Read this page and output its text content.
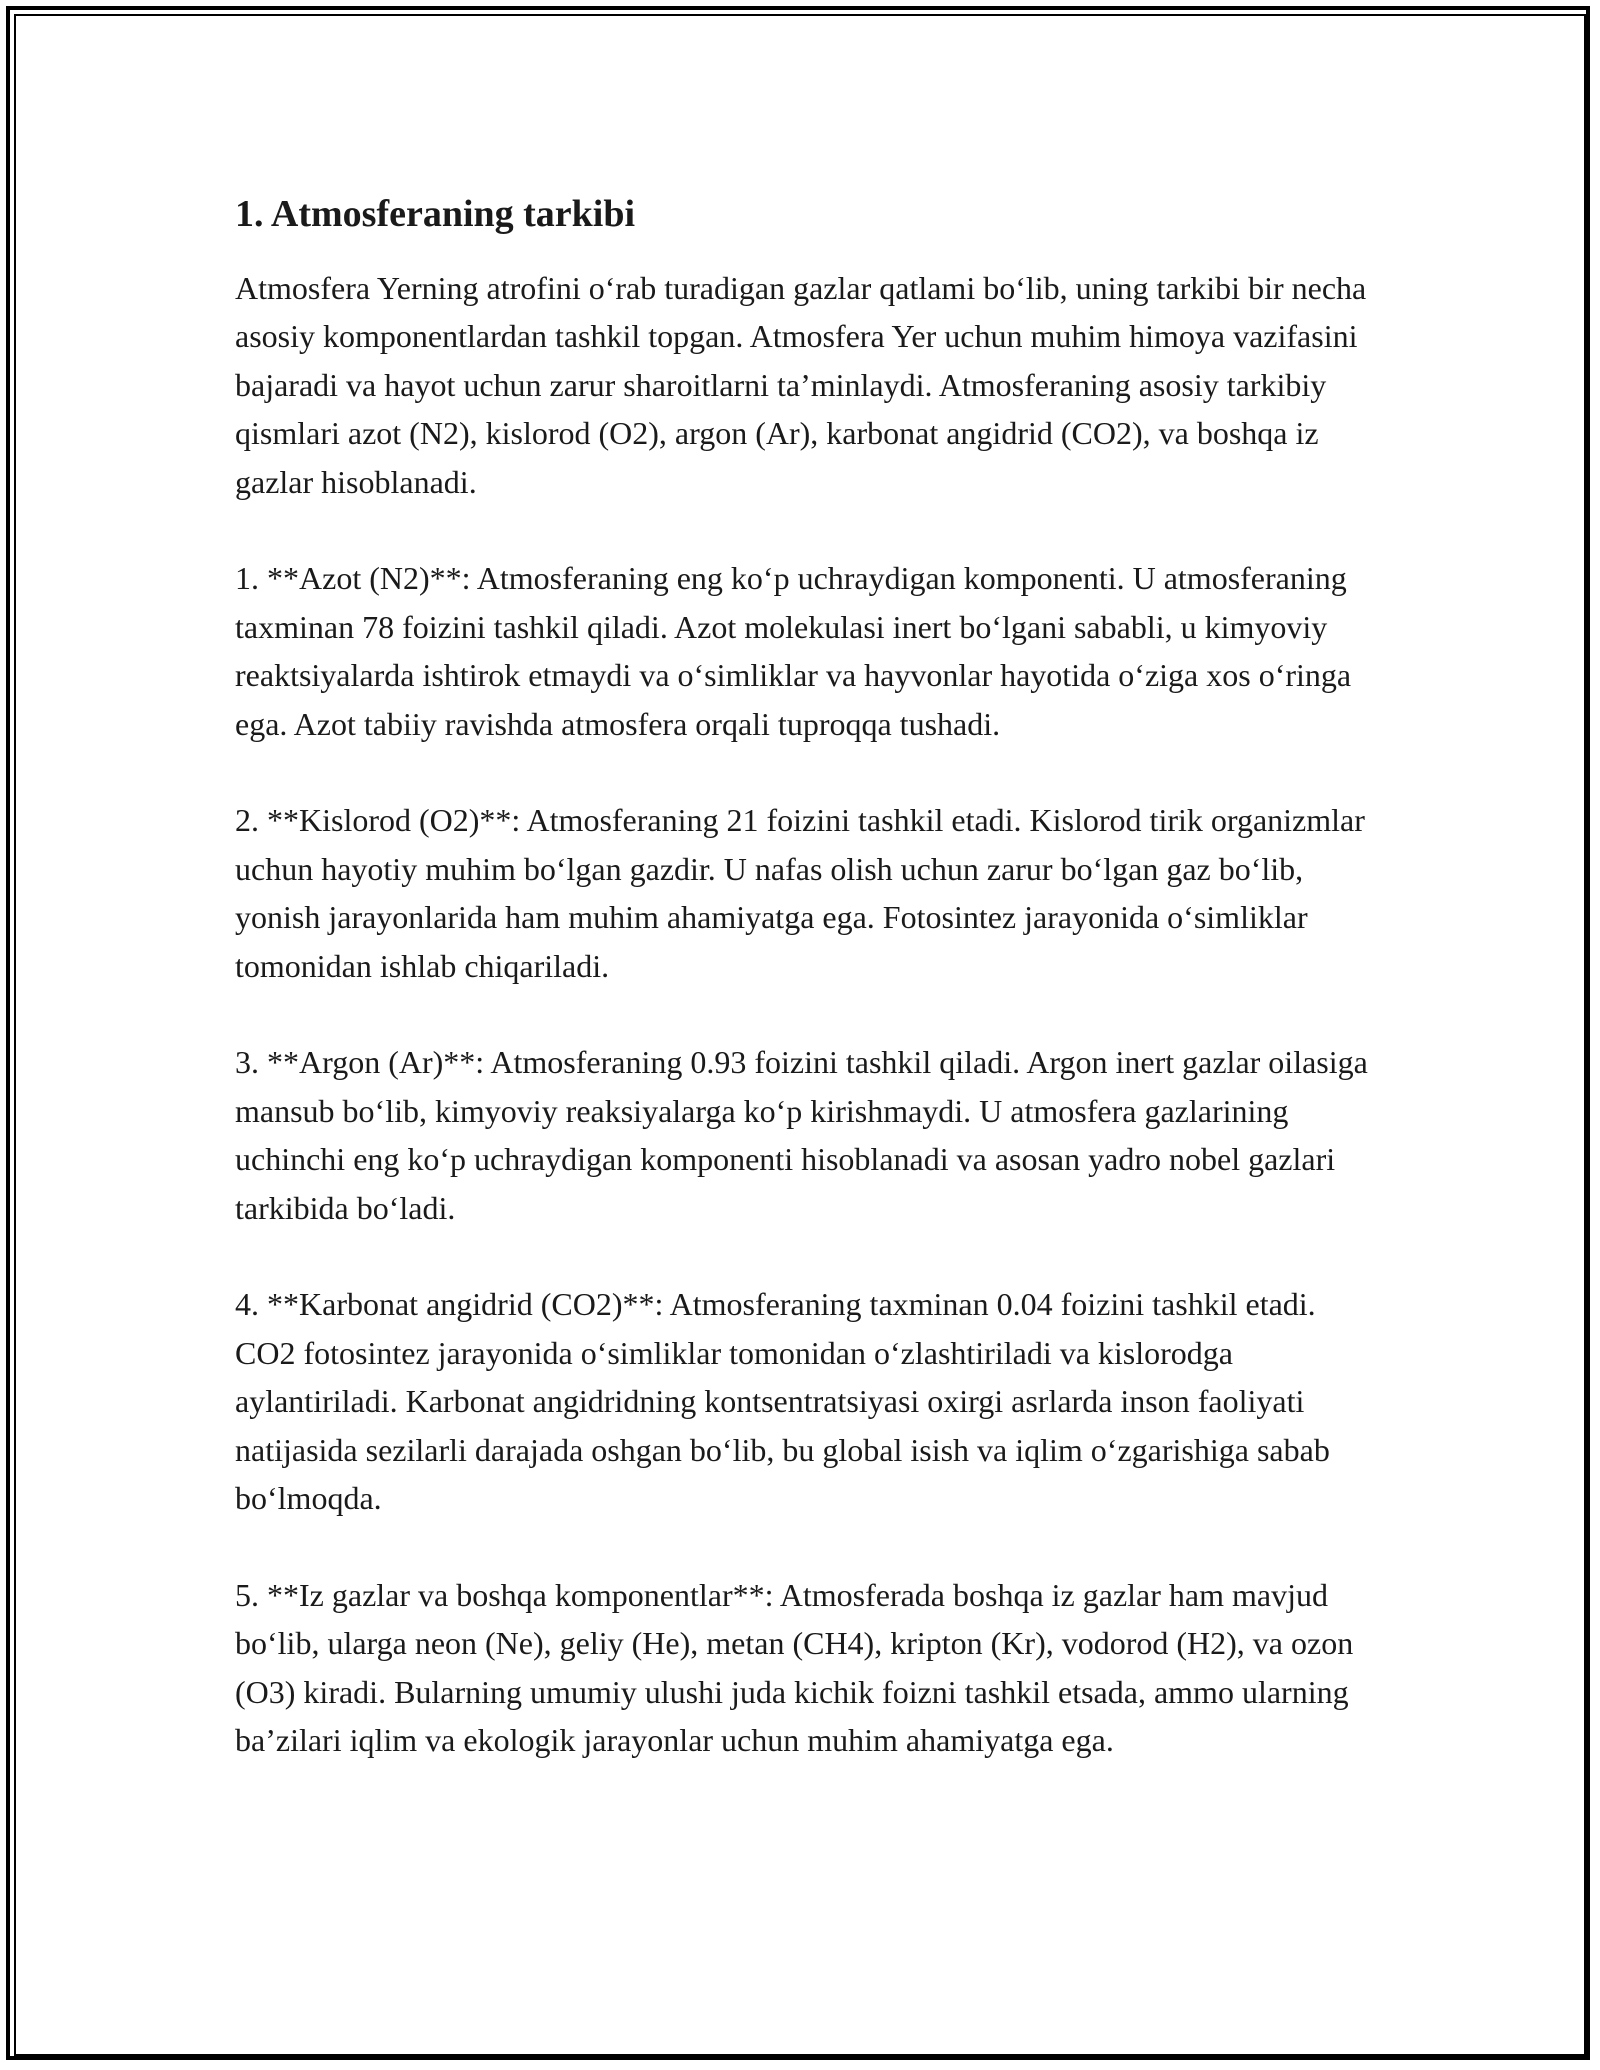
1. Atmosferaning tarkibi

Atmosfera Yerning atrofini o‘rab turadigan gazlar qatlami bo‘lib, uning tarkibi bir necha asosiy komponentlardan tashkil topgan. Atmosfera Yer uchun muhim himoya vazifasini bajaradi va hayot uchun zarur sharoitlarni ta’minlaydi. Atmosferaning asosiy tarkibiy qismlari azot (N2), kislorod (O2), argon (Ar), karbonat angidrid (CO2), va boshqa iz gazlar hisoblanadi.

1. **Azot (N2)**: Atmosferaning eng ko‘p uchraydigan komponenti. U atmosferaning taxminan 78 foizini tashkil qiladi. Azot molekulasi inert bo‘lgani sababli, u kimyoviy reaktsiyalarda ishtirok etmaydi va o‘simliklar va hayvonlar hayotida o‘ziga xos o‘ringa ega. Azot tabiiy ravishda atmosfera orqali tuproqqa tushadi.

2. **Kislorod (O2)**: Atmosferaning 21 foizini tashkil etadi. Kislorod tirik organizmlar uchun hayotiy muhim bo‘lgan gazdir. U nafas olish uchun zarur bo‘lgan gaz bo‘lib, yonish jarayonlarida ham muhim ahamiyatga ega. Fotosintez jarayonida o‘simliklar tomonidan ishlab chiqariladi.

3. **Argon (Ar)**: Atmosferaning 0.93 foizini tashkil qiladi. Argon inert gazlar oilasiga mansub bo‘lib, kimyoviy reaksiyalarga ko‘p kirishmaydi. U atmosfera gazlarining uchinchi eng ko‘p uchraydigan komponenti hisoblanadi va asosan yadro nobel gazlari tarkibida bo‘ladi.

4. **Karbonat angidrid (CO2)**: Atmosferaning taxminan 0.04 foizini tashkil etadi. CO2 fotosintez jarayonida o‘simliklar tomonidan o‘zlashtiriladi va kislorodga aylantiriladi. Karbonat angidridning kontsentratsiyasi oxirgi asrlarda inson faoliyati natijasida sezilarli darajada oshgan bo‘lib, bu global isish va iqlim o‘zgarishiga sabab bo‘lmoqda.

5. **Iz gazlar va boshqa komponentlar**: Atmosferada boshqa iz gazlar ham mavjud bo‘lib, ularga neon (Ne), geliy (He), metan (CH4), kripton (Kr), vodorod (H2), va ozon (O3) kiradi. Bularning umumiy ulushi juda kichik foizni tashkil etsada, ammo ularning ba’zilari iqlim va ekologik jarayonlar uchun muhim ahamiyatga ega.
